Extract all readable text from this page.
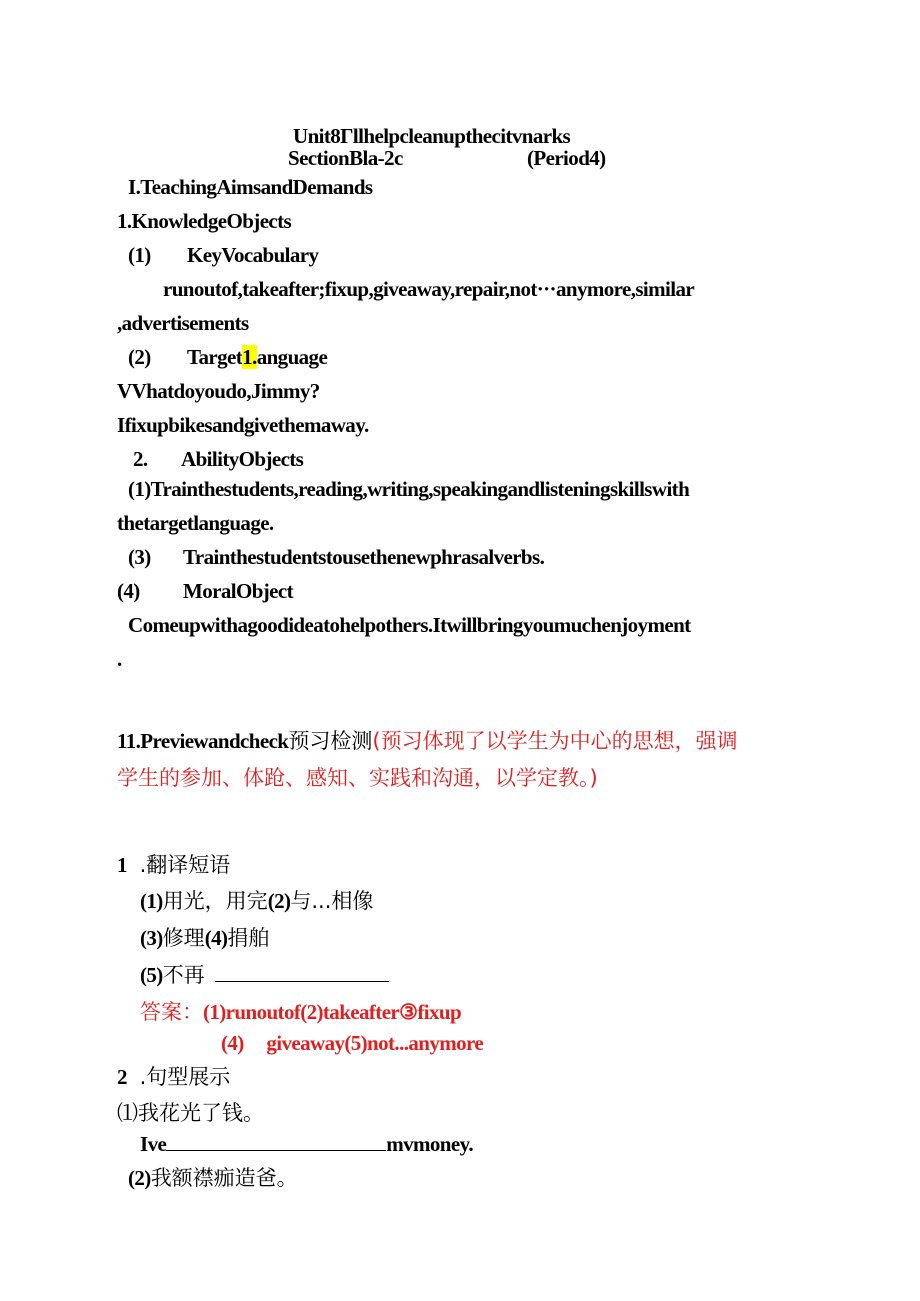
Unit8Γllhelpcleanupthecitvnarks
SectionBla-2c	(Period4)
I.TeachingAimsandDemands
1.KnowledgeObjects
(1) KeyVocabulary
runoutof,takeafter;fixup,giveaway,repair,not···anymore,similar
,advertisements
(2) Target1.anguage
VVhatdoyoudo,Jimmy?
Ifixupbikesandgivethemaway.
2. AbilityObjects
(1)Trainthestudents,reading,writing,speakingandlisteningskillswith
thetargetlanguage.
(3) Trainthestudentstousethenewphrasalverbs.
(4) MoralObject
Comeupwithagoodideatohelpothers.Itwillbringyoumuchenjoyment
.
11.Previewandcheck预习检测(预习体现了以学生为中心的思想，强调
学生的参加、体跄、感知、实践和沟通，以学定教。)
1 .翻译短语
(1)用光，用完(2)与...相像
(3)修理(4)捐舶
(5)不再
答案：(1)runoutof(2)takeafter③fixup
(4) giveaway(5)not...anymore
2 .句型展示
⑴我花光了钱。
Ive	mvmoney.
(2)我额襟痂造爸。
